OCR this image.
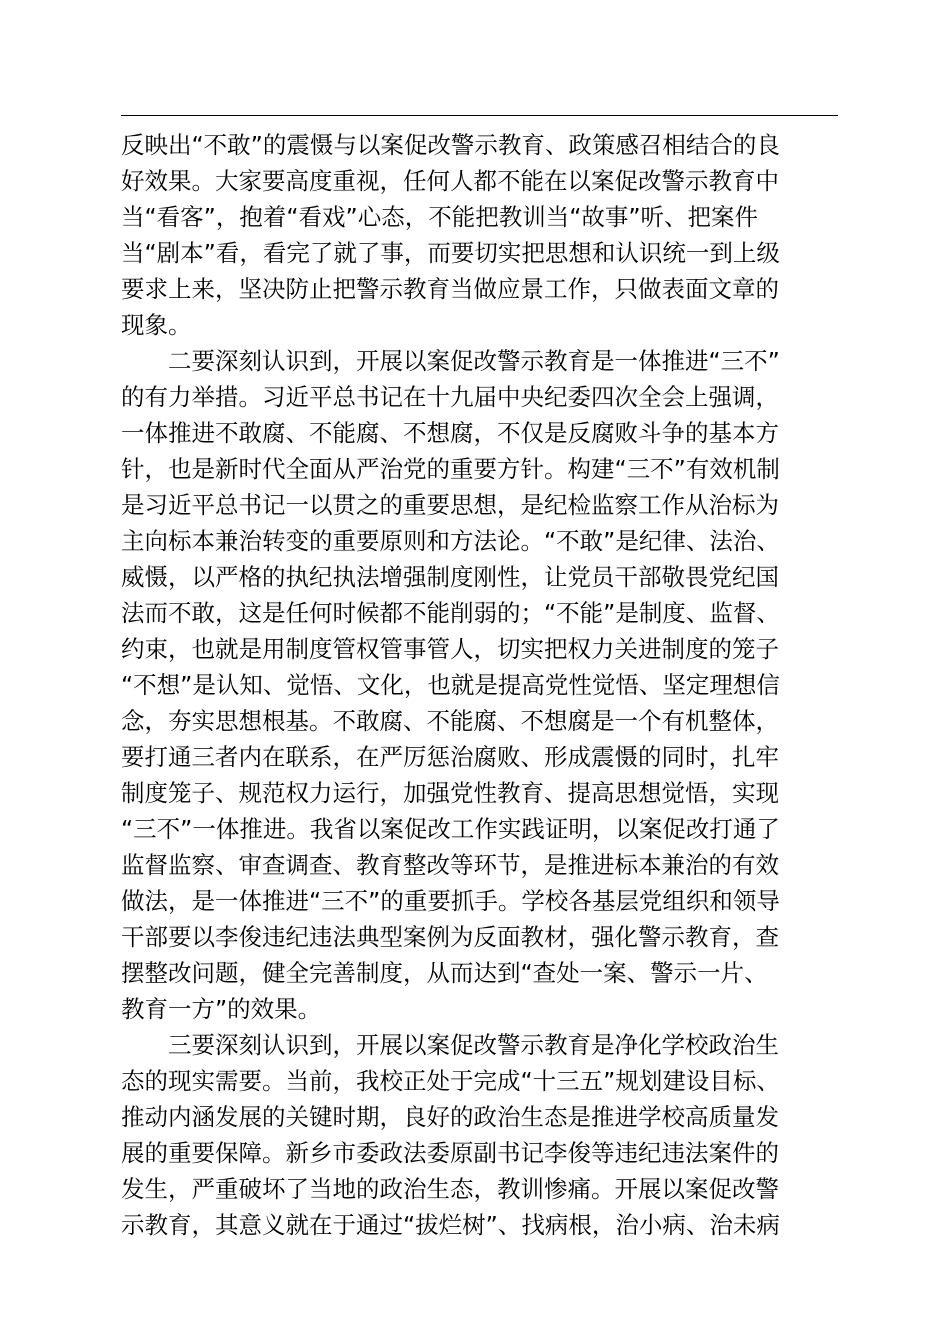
反映出“不敢”的震慑与以案促改警示教育、政策感召相结合的良
好效果。大家要高度重视，任何人都不能在以案促改警示教育中
当“看客”，抱着“看戏”心态，不能把教训当“故事”听、把案件
当“剧本”看，看完了就了事，而要切实把思想和认识统一到上级
要求上来，坚决防止把警示教育当做应景工作，只做表面文章的
现象。
二要深刻认识到，开展以案促改警示教育是一体推进“三不”
的有力举措。习近平总书记在十九届中央纪委四次全会上强调，
一体推进不敢腐、不能腐、不想腐，不仅是反腐败斗争的基本方
针，也是新时代全面从严治党的重要方针。构建“三不”有效机制
是习近平总书记一以贯之的重要思想，是纪检监察工作从治标为
主向标本兼治转变的重要原则和方法论。“不敢”是纪律、法治、
威慑，以严格的执纪执法增强制度刚性，让党员干部敬畏党纪国
法而不敢，这是任何时候都不能削弱的；“不能”是制度、监督、
约束，也就是用制度管权管事管人，切实把权力关进制度的笼子
“不想”是认知、觉悟、文化，也就是提高党性觉悟、坚定理想信
念，夯实思想根基。不敢腐、不能腐、不想腐是一个有机整体，
要打通三者内在联系，在严厉惩治腐败、形成震慑的同时，扎牢
制度笼子、规范权力运行，加强党性教育、提高思想觉悟，实现
“三不”一体推进。我省以案促改工作实践证明，以案促改打通了
监督监察、审查调查、教育整改等环节，是推进标本兼治的有效
做法，是一体推进“三不”的重要抓手。学校各基层党组织和领导
干部要以李俊违纪违法典型案例为反面教材，强化警示教育，查
摆整改问题，健全完善制度，从而达到“查处一案、警示一片、
教育一方”的效果。
三要深刻认识到，开展以案促改警示教育是净化学校政治生
态的现实需要。当前，我校正处于完成“十三五”规划建设目标、
推动内涵发展的关键时期，良好的政治生态是推进学校高质量发
展的重要保障。新乡市委政法委原副书记李俊等违纪违法案件的
发生，严重破坏了当地的政治生态，教训惨痛。开展以案促改警
示教育，其意义就在于通过“拔烂树”、找病根，治小病、治未病
